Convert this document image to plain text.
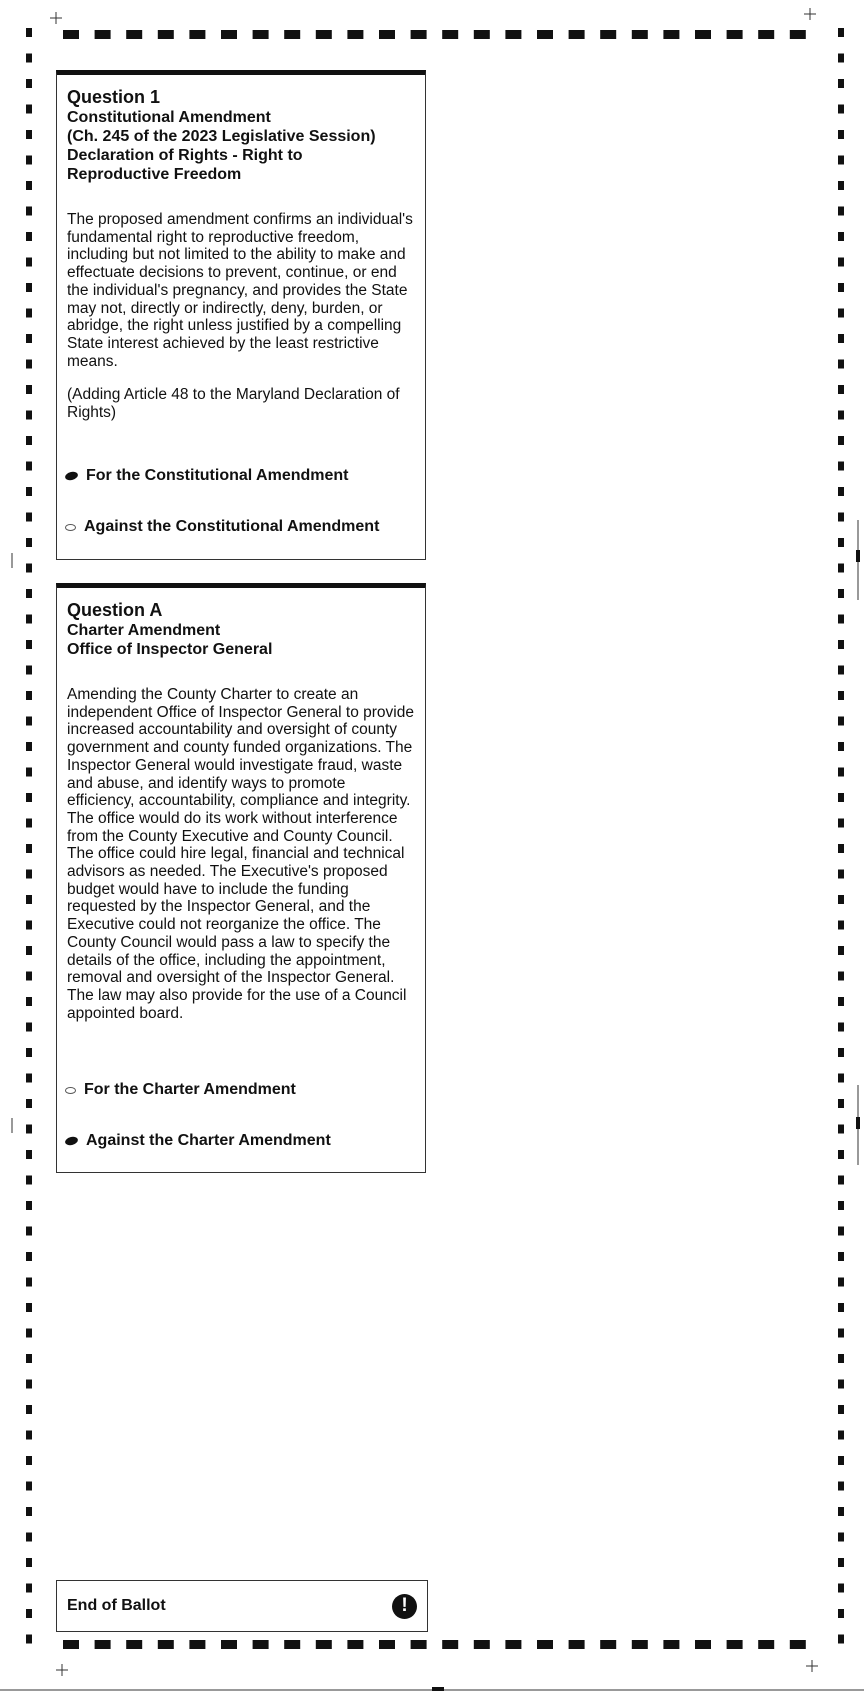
Question 1

Constitutional Amendment

(Ch. 245 of the 2023 Legislative Session)

Declaration of Rights - Right to

Reproductive Freedom

The proposed amendment confirms an individual's fundamental right to reproductive freedom, including but not limited to the ability to make and effectuate decisions to prevent, continue, or end the individual's pregnancy, and provides the State may not, directly or indirectly, deny, burden, or abridge, the right unless justified by a compelling State interest achieved by the least restrictive means.

(Adding Article 48 to the Maryland Declaration of Rights)

For the Constitutional Amendment
Against the Constitutional Amendment

Question A

Charter Amendment

Office of Inspector General

Amending the County Charter to create an independent Office of Inspector General to provide increased accountability and oversight of county government and county funded organizations. The Inspector General would investigate fraud, waste and abuse, and identify ways to promote efficiency, accountability, compliance and integrity. The office would do its work without interference from the County Executive and County Council. The office could hire legal, financial and technical advisors as needed. The Executive's proposed budget would have to include the funding requested by the Inspector General, and the Executive could not reorganize the office. The County Council would pass a law to specify the details of the office, including the appointment, removal and oversight of the Inspector General. The law may also provide for the use of a Council appointed board.

For the Charter Amendment
Against the Charter Amendment
End of Ballot	!
